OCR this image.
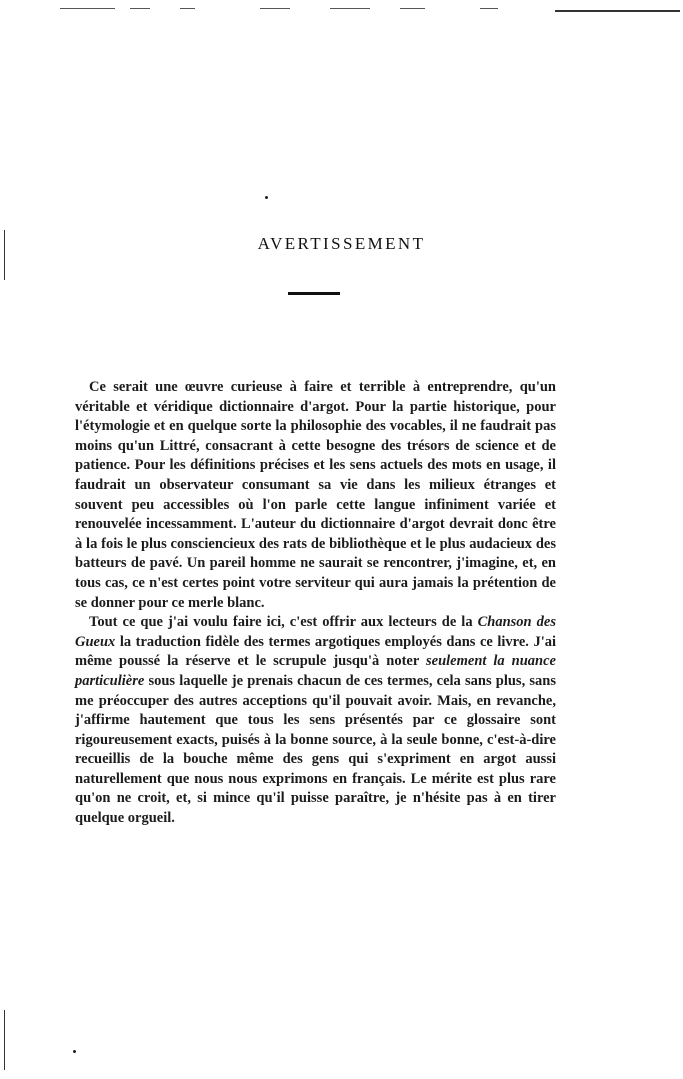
AVERTISSEMENT

Ce serait une œuvre curieuse à faire et terrible à entreprendre, qu'un véritable et véridique dictionnaire d'argot. Pour la partie historique, pour l'étymologie et en quelque sorte la philosophie des vocables, il ne faudrait pas moins qu'un Littré, consacrant à cette besogne des trésors de science et de patience. Pour les définitions précises et les sens actuels des mots en usage, il faudrait un observateur consumant sa vie dans les milieux étranges et souvent peu accessibles où l'on parle cette langue infiniment variée et renouvelée incessamment. L'auteur du dictionnaire d'argot devrait donc être à la fois le plus consciencieux des rats de bibliothèque et le plus audacieux des batteurs de pavé. Un pareil homme ne saurait se rencontrer, j'imagine, et, en tous cas, ce n'est certes point votre serviteur qui aura jamais la prétention de se donner pour ce merle blanc.

Tout ce que j'ai voulu faire ici, c'est offrir aux lecteurs de la Chanson des Gueux la traduction fidèle des termes argotiques employés dans ce livre. J'ai même poussé la réserve et le scrupule jusqu'à noter seulement la nuance particulière sous laquelle je prenais chacun de ces termes, cela sans plus, sans me préoccuper des autres acceptions qu'il pouvait avoir. Mais, en revanche, j'affirme hautement que tous les sens présentés par ce glossaire sont rigoureusement exacts, puisés à la bonne source, à la seule bonne, c'est-à-dire recueillis de la bouche même des gens qui s'expriment en argot aussi naturellement que nous nous exprimons en français. Le mérite est plus rare qu'on ne croit, et, si mince qu'il puisse paraître, je n'hésite pas à en tirer quelque orgueil.
